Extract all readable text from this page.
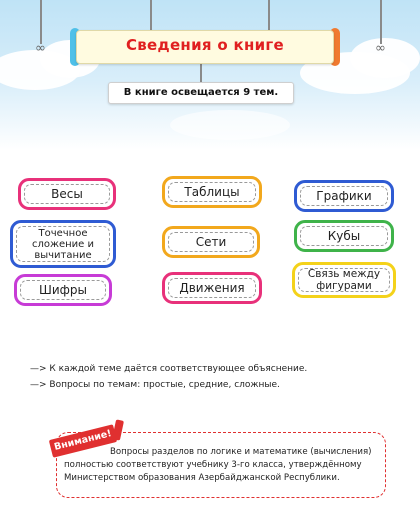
∞	∞
Сведения о книге
В книге освещается 9 тем.
Весы	Таблицы	Графики
Точечное сложение и вычитание
Сети	Кубы
Шифры	Движения
Связь между фигурами
—> К каждой теме даётся соответствующее объяснение.
—> Вопросы по темам: простые, средние, сложные.
Внимание!
Вопросы разделов по логике и математике (вычисления) полностью соответствуют учебнику 3-го класса, утверждённому Министерством образования Азербайджанской Республики.
